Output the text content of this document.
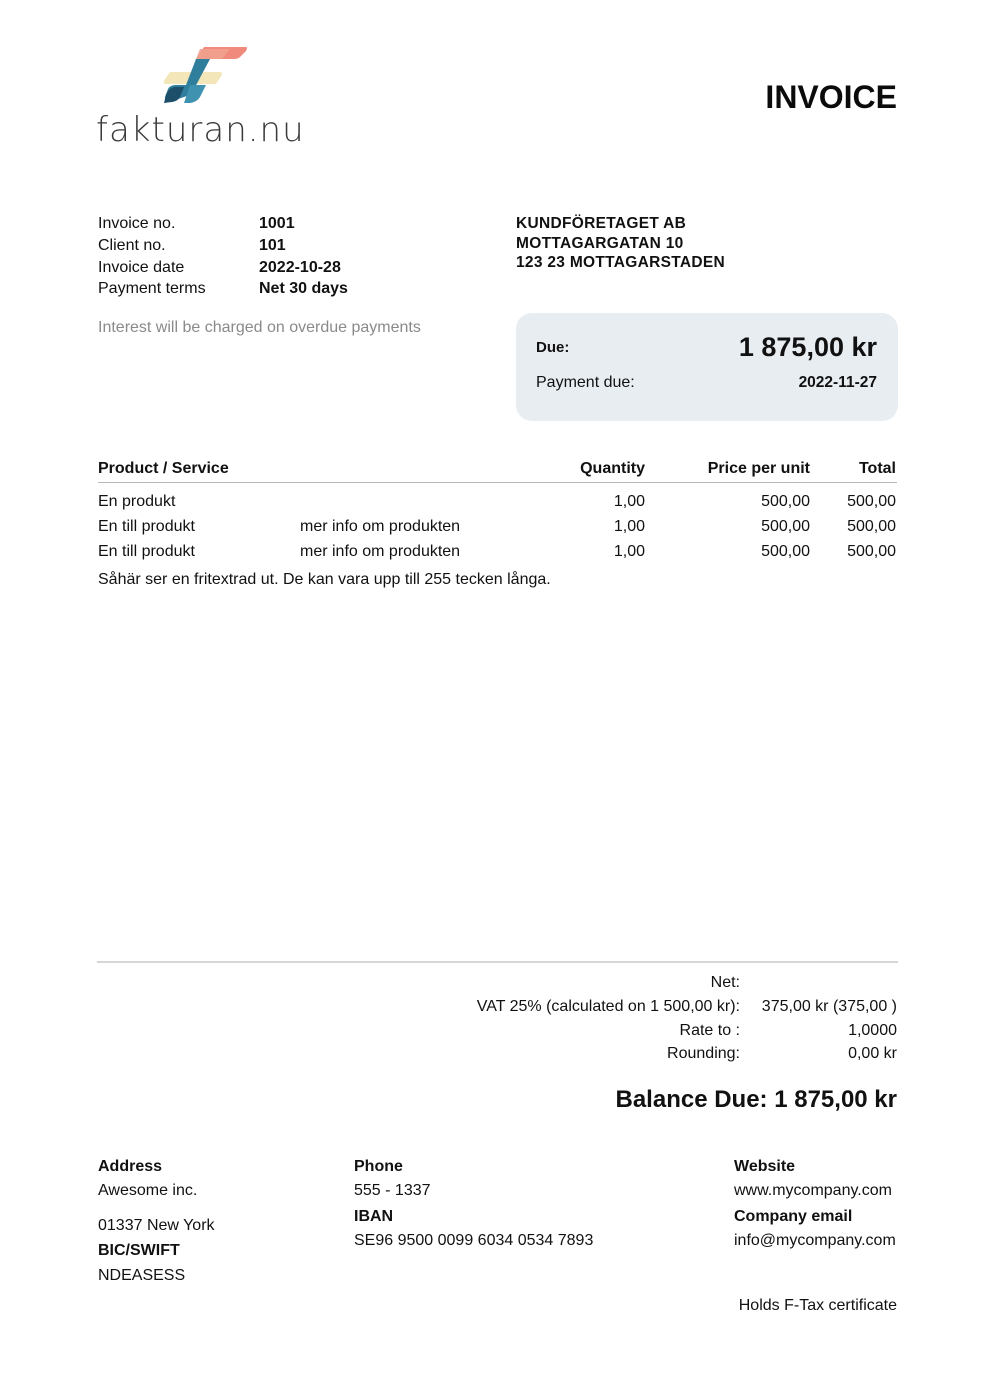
fakturan.nu
INVOICE
Invoice no.	1001
Client no.	101
Invoice date	2022-10-28
Payment terms	Net 30 days
Interest will be charged on overdue payments
KUNDFÖRETAGET AB
MOTTAGARGATAN 10
123 23 MOTTAGARSTADEN
Due:	1 875,00 kr
Payment due:	2022-11-27
Product / Service	Quantity	Price per unit	Total
En produkt	1,00	500,00 500,00
En till produkt	mer info om produkten	1,00	500,00 500,00
En till produkt	mer info om produkten	1,00	500,00 500,00
Såhär ser en fritextrad ut. De kan vara upp till 255 tecken långa.
Net:
VAT 25% (calculated on 1 500,00 kr): 375,00 kr (375,00 )
Rate to :	1,0000
Rounding:	0,00 kr
Balance Due: 1 875,00 kr
Address
Awesome inc.
01337 New York
BIC/SWIFT
NDEASESS
Phone
555 - 1337
IBAN
SE96 9500 0099 6034 0534 7893
Website
www.mycompany.com
Company email
info@mycompany.com
Holds F-Tax certificate
